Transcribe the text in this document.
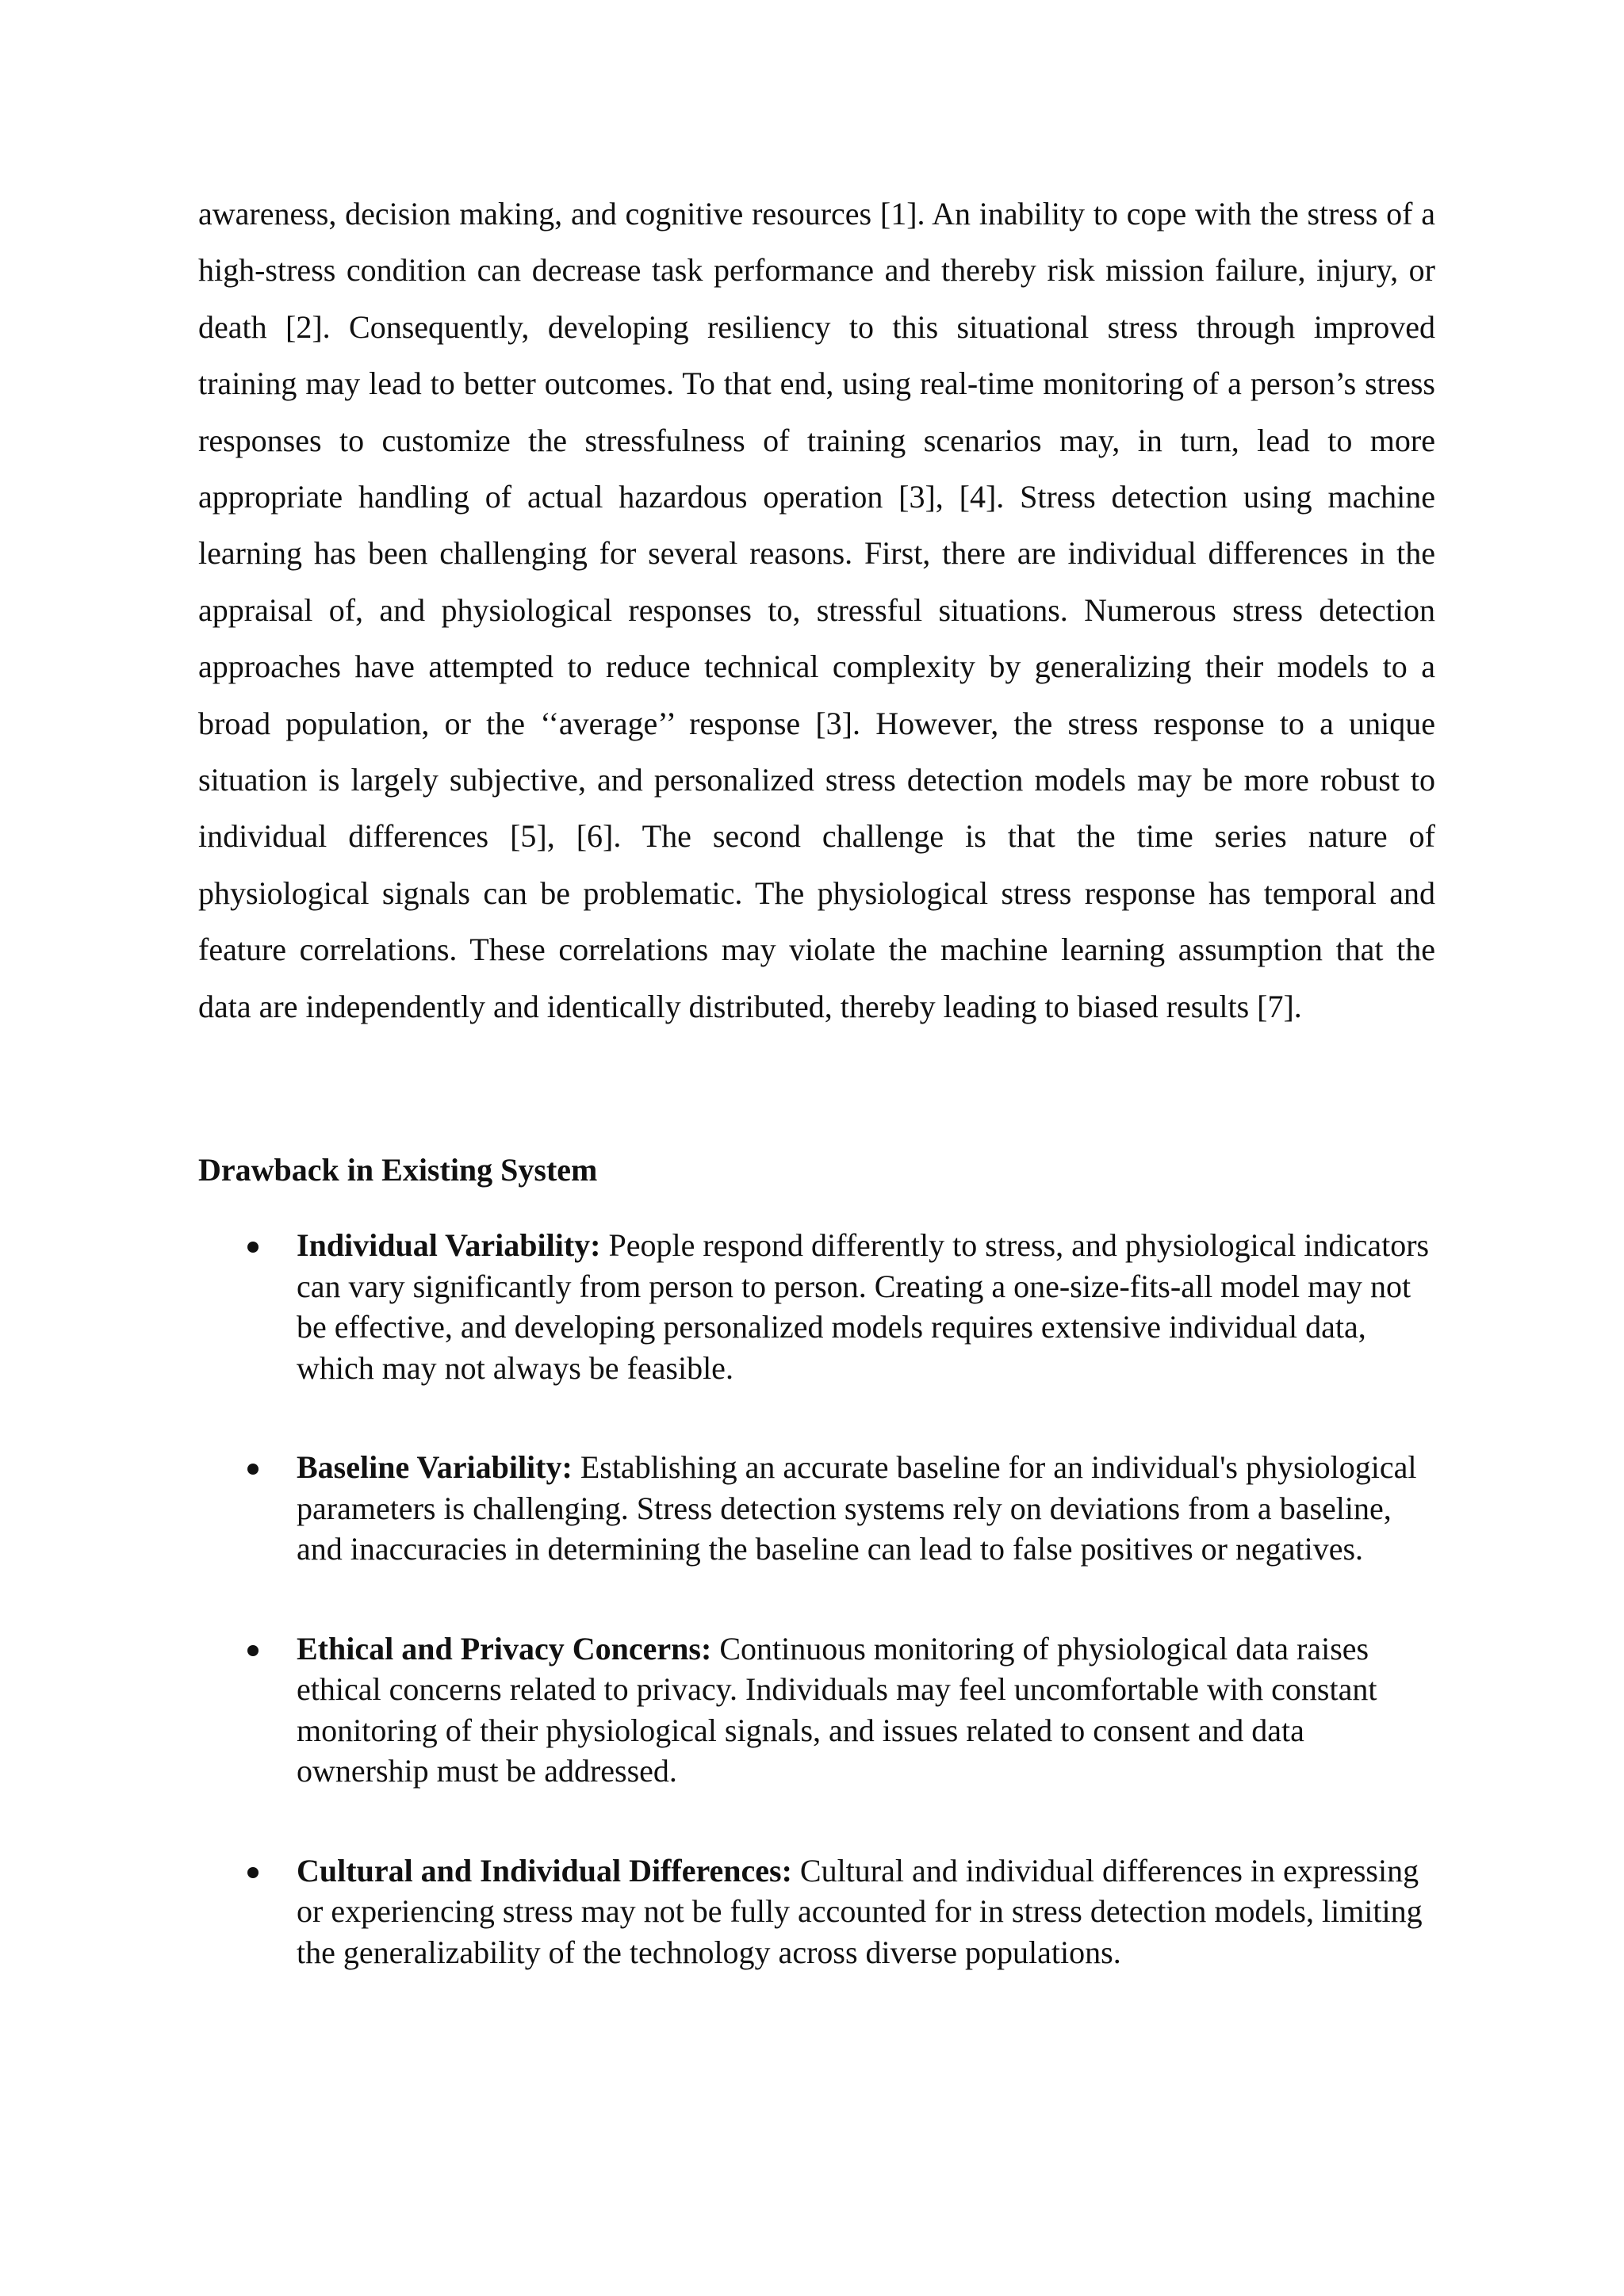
awareness, decision making, and cognitive resources [1]. An inability to cope with the stress of a high-stress condition can decrease task performance and thereby risk mission failure, injury, or death [2]. Consequently, developing resiliency to this situational stress through improved training may lead to better outcomes. To that end, using real-time monitoring of a person’s stress responses to customize the stressfulness of training scenarios may, in turn, lead to more appropriate handling of actual hazardous operation [3], [4]. Stress detection using machine learning has been challenging for several reasons. First, there are individual differences in the appraisal of, and physiological responses to, stressful situations. Numerous stress detection approaches have attempted to reduce technical complexity by generalizing their models to a broad population, or the ‘‘average’’ response [3]. However, the stress response to a unique situation is largely subjective, and personalized stress detection models may be more robust to individual differences [5], [6]. The second challenge is that the time series nature of physiological signals can be problematic. The physiological stress response has temporal and feature correlations. These correlations may violate the machine learning assumption that the data are independently and identically distributed, thereby leading to biased results [7].

Drawback in Existing System
Individual Variability: People respond differently to stress, and physiological indicators can vary significantly from person to person. Creating a one-size-fits-all model may not be effective, and developing personalized models requires extensive individual data, which may not always be feasible.
Baseline Variability: Establishing an accurate baseline for an individual's physiological parameters is challenging. Stress detection systems rely on deviations from a baseline, and inaccuracies in determining the baseline can lead to false positives or negatives.
Ethical and Privacy Concerns: Continuous monitoring of physiological data raises ethical concerns related to privacy. Individuals may feel uncomfortable with constant monitoring of their physiological signals, and issues related to consent and data ownership must be addressed.
Cultural and Individual Differences: Cultural and individual differences in expressing or experiencing stress may not be fully accounted for in stress detection models, limiting the generalizability of the technology across diverse populations.
